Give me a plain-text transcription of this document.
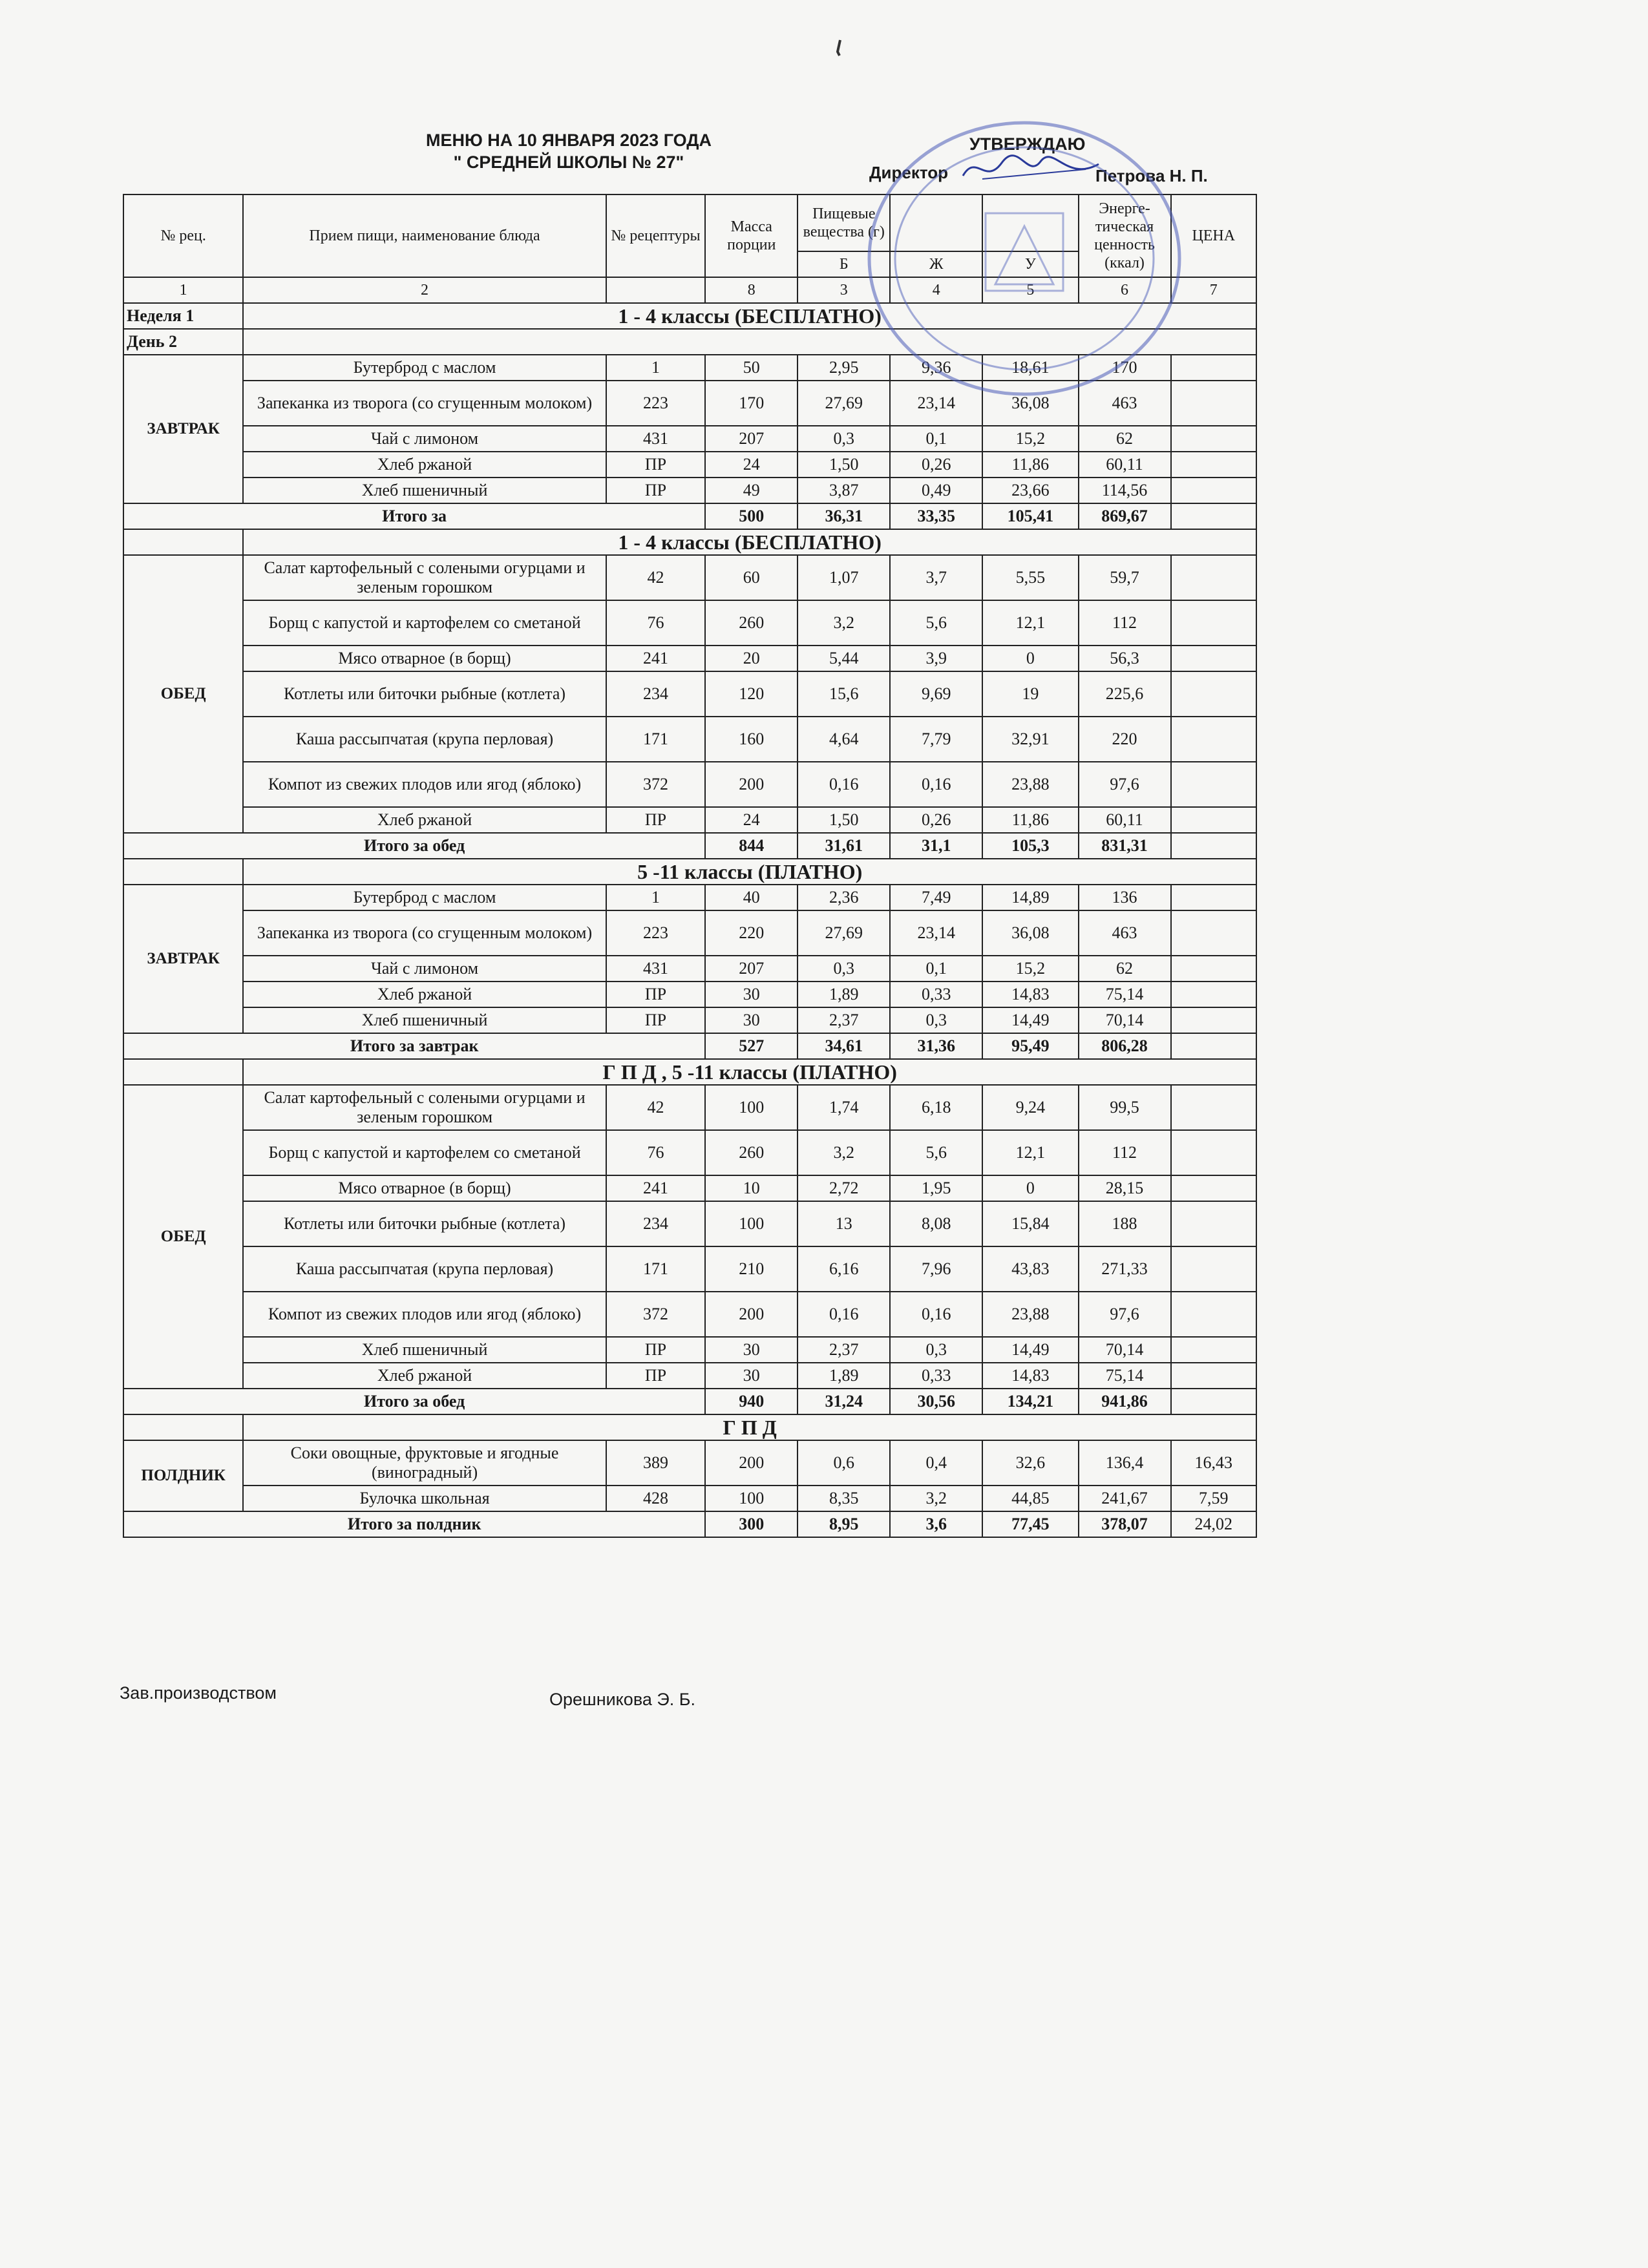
МЕНЮ НА 10 ЯНВАРЯ 2023 ГОДА
" СРЕДНЕЙ ШКОЛЫ № 27"
УТВЕРЖДАЮ
Директор	Петрова Н. П.
№ рец.	Прием пищи, наименование блюда	№ рецептуры	Масса порции	Пищевые вещества (г)			Энерге-тическая ценность (ккал)	ЦЕНА
				Б	Ж	У		
1	2		8	3	4	5	6	7
Неделя 1	1 - 4 классы (БЕСПЛАТНО)							
День 2								
ЗАВТРАК	Бутерброд с маслом	1	50	2,95	9,36	18,61	170	
	Запеканка из творога (со сгущенным молоком)	223	170	27,69	23,14	36,08	463	
	Чай с лимоном	431	207	0,3	0,1	15,2	62	
	Хлеб ржаной	ПР	24	1,50	0,26	11,86	60,11	
	Хлеб пшеничный	ПР	49	3,87	0,49	23,66	114,56	
Итого за			500	36,31	33,35	105,41	869,67	
	1 - 4 классы (БЕСПЛАТНО)							
ОБЕД	Салат картофельный с солеными огурцами и зеленым горошком	42	60	1,07	3,7	5,55	59,7	
	Борщ с капустой и картофелем со сметаной	76	260	3,2	5,6	12,1	112	
	Мясо отварное (в борщ)	241	20	5,44	3,9	0	56,3	
	Котлеты или биточки рыбные (котлета)	234	120	15,6	9,69	19	225,6	
	Каша рассыпчатая (крупа перловая)	171	160	4,64	7,79	32,91	220	
	Компот из свежих плодов или ягод (яблоко)	372	200	0,16	0,16	23,88	97,6	
	Хлеб ржаной	ПР	24	1,50	0,26	11,86	60,11	
Итого за обед			844	31,61	31,1	105,3	831,31	
	5 -11 классы (ПЛАТНО)							
ЗАВТРАК	Бутерброд с маслом	1	40	2,36	7,49	14,89	136	
	Запеканка из творога (со сгущенным молоком)	223	220	27,69	23,14	36,08	463	
	Чай с лимоном	431	207	0,3	0,1	15,2	62	
	Хлеб ржаной	ПР	30	1,89	0,33	14,83	75,14	
	Хлеб пшеничный	ПР	30	2,37	0,3	14,49	70,14	
Итого за завтрак			527	34,61	31,36	95,49	806,28	
	Г П Д , 5 -11 классы (ПЛАТНО)							
ОБЕД	Салат картофельный с солеными огурцами и зеленым горошком	42	100	1,74	6,18	9,24	99,5	
	Борщ с капустой и картофелем со сметаной	76	260	3,2	5,6	12,1	112	
	Мясо отварное (в борщ)	241	10	2,72	1,95	0	28,15	
	Котлеты или биточки рыбные (котлета)	234	100	13	8,08	15,84	188	
	Каша рассыпчатая (крупа перловая)	171	210	6,16	7,96	43,83	271,33	
	Компот из свежих плодов или ягод (яблоко)	372	200	0,16	0,16	23,88	97,6	
	Хлеб пшеничный	ПР	30	2,37	0,3	14,49	70,14	
	Хлеб ржаной	ПР	30	1,89	0,33	14,83	75,14	
Итого за обед			940	31,24	30,56	134,21	941,86	
	Г П Д							
ПОЛДНИК	Соки овощные, фруктовые и ягодные (виноградный)	389	200	0,6	0,4	32,6	136,4	16,43
	Булочка школьная	428	100	8,35	3,2	44,85	241,67	7,59
Итого за полдник			300	8,95	3,6	77,45	378,07	24,02
Зав.производством	Орешникова Э. Б.
